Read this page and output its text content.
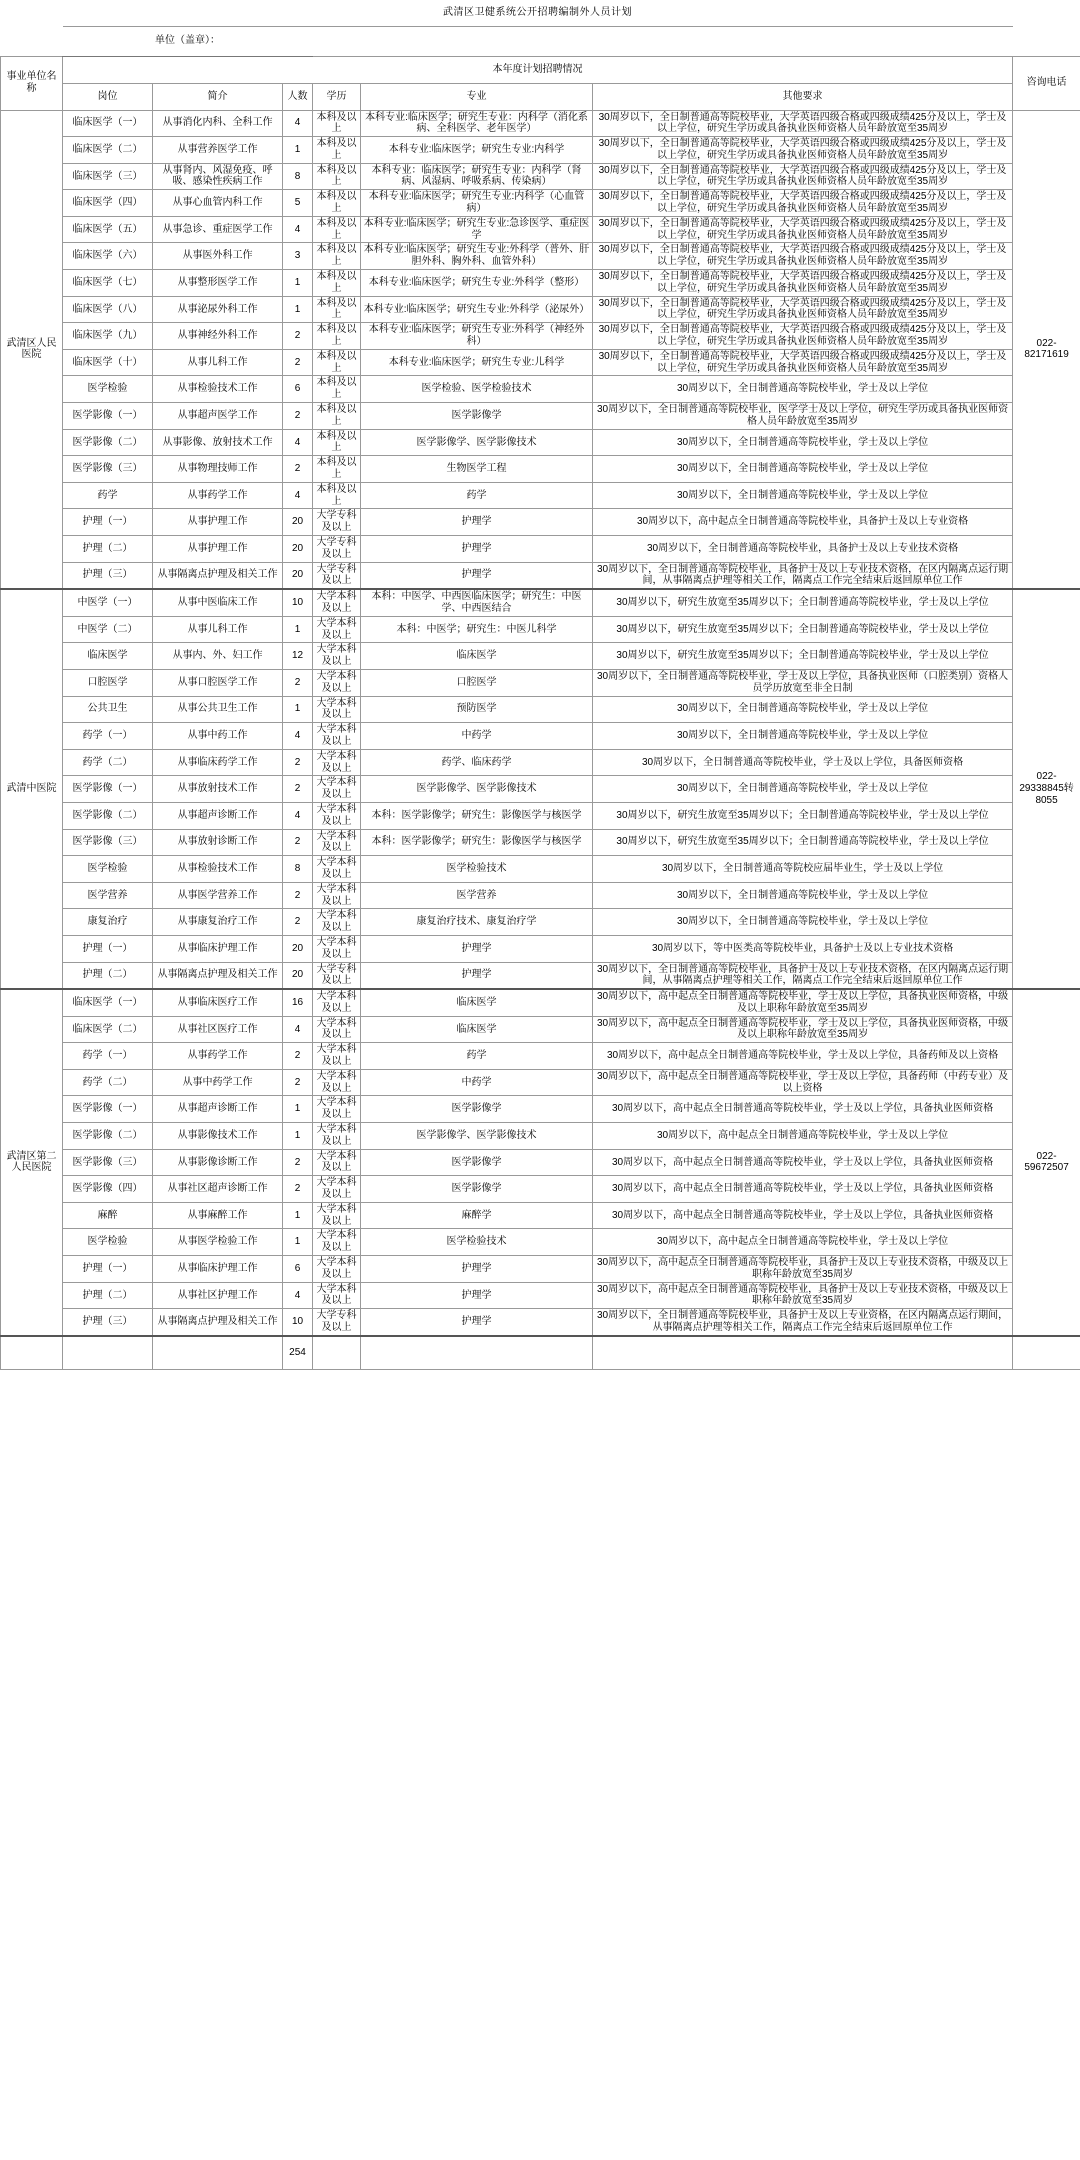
	武清区卫健系统公开招聘编制外人员计划						
	单位（盖章）：						
事业单位名称	本年度计划招聘情况						咨询电话
	岗位	简介	人数	学历	专业	其他要求	
武清区人民医院	临床医学（一）	从事消化内科、全科工作	4	本科及以上	本科专业:临床医学；研究生专业：内科学（消化系病、全科医学、老年医学）	30周岁以下，全日制普通高等院校毕业，大学英语四级合格或四级成绩425分及以上，学士及以上学位，研究生学历或具备执业医师资格人员年龄放宽至35周岁	022-82171619
	临床医学（二）	从事营养医学工作	1	本科及以上	本科专业:临床医学；研究生专业:内科学	30周岁以下，全日制普通高等院校毕业，大学英语四级合格或四级成绩425分及以上，学士及以上学位，研究生学历或具备执业医师资格人员年龄放宽至35周岁	
	临床医学（三）	从事肾内、风湿免疫、呼吸、感染性疾病工作	8	本科及以上	本科专业：临床医学；研究生专业：内科学（肾病、风湿病、呼吸系病、传染病）	30周岁以下，全日制普通高等院校毕业，大学英语四级合格或四级成绩425分及以上，学士及以上学位，研究生学历或具备执业医师资格人员年龄放宽至35周岁	
	临床医学（四）	从事心血管内科工作	5	本科及以上	本科专业:临床医学；研究生专业:内科学（心血管病）	30周岁以下，全日制普通高等院校毕业，大学英语四级合格或四级成绩425分及以上，学士及以上学位，研究生学历或具备执业医师资格人员年龄放宽至35周岁	
	临床医学（五）	从事急诊、重症医学工作	4	本科及以上	本科专业:临床医学；研究生专业:急诊医学、重症医学	30周岁以下，全日制普通高等院校毕业，大学英语四级合格或四级成绩425分及以上，学士及以上学位，研究生学历或具备执业医师资格人员年龄放宽至35周岁	
	临床医学（六）	从事医外科工作	3	本科及以上	本科专业:临床医学；研究生专业:外科学（普外、肝胆外科、胸外科、血管外科）	30周岁以下，全日制普通高等院校毕业，大学英语四级合格或四级成绩425分及以上，学士及以上学位，研究生学历或具备执业医师资格人员年龄放宽至35周岁	
	临床医学（七）	从事整形医学工作	1	本科及以上	本科专业:临床医学；研究生专业:外科学（整形）	30周岁以下，全日制普通高等院校毕业，大学英语四级合格或四级成绩425分及以上，学士及以上学位，研究生学历或具备执业医师资格人员年龄放宽至35周岁	
	临床医学（八）	从事泌尿外科工作	1	本科及以上	本科专业:临床医学；研究生专业:外科学（泌尿外）	30周岁以下，全日制普通高等院校毕业，大学英语四级合格或四级成绩425分及以上，学士及以上学位，研究生学历或具备执业医师资格人员年龄放宽至35周岁	
	临床医学（九）	从事神经外科工作	2	本科及以上	本科专业:临床医学；研究生专业:外科学（神经外科）	30周岁以下，全日制普通高等院校毕业，大学英语四级合格或四级成绩425分及以上，学士及以上学位，研究生学历或具备执业医师资格人员年龄放宽至35周岁	
	临床医学（十）	从事儿科工作	2	本科及以上	本科专业:临床医学；研究生专业:儿科学	30周岁以下，全日制普通高等院校毕业，大学英语四级合格或四级成绩425分及以上，学士及以上学位，研究生学历或具备执业医师资格人员年龄放宽至35周岁	
	医学检验	从事检验技术工作	6	本科及以上	医学检验、医学检验技术	30周岁以下，全日制普通高等院校毕业，学士及以上学位	
	医学影像（一）	从事超声医学工作	2	本科及以上	医学影像学	30周岁以下，全日制普通高等院校毕业，医学学士及以上学位，研究生学历或具备执业医师资格人员年龄放宽至35周岁	
	医学影像（二）	从事影像、放射技术工作	4	本科及以上	医学影像学、医学影像技术	30周岁以下，全日制普通高等院校毕业，学士及以上学位	
	医学影像（三）	从事物理技师工作	2	本科及以上	生物医学工程	30周岁以下，全日制普通高等院校毕业，学士及以上学位	
	药学	从事药学工作	4	本科及以上	药学	30周岁以下，全日制普通高等院校毕业，学士及以上学位	
	护理（一）	从事护理工作	20	大学专科及以上	护理学	30周岁以下，高中起点全日制普通高等院校毕业，具备护士及以上专业资格	
	护理（二）	从事护理工作	20	大学专科及以上	护理学	30周岁以下，全日制普通高等院校毕业，具备护士及以上专业技术资格	
	护理（三）	从事隔离点护理及相关工作	20	大学专科及以上	护理学	30周岁以下，全日制普通高等院校毕业，具备护士及以上专业技术资格，在区内隔离点运行期间，从事隔离点护理等相关工作，隔离点工作完全结束后返回原单位工作	
武清中医院	中医学（一）	从事中医临床工作	10	大学本科及以上	本科：中医学、中西医临床医学；研究生：中医学、中西医结合	30周岁以下，研究生放宽至35周岁以下；全日制普通高等院校毕业，学士及以上学位	022-29338845转8055
	中医学（二）	从事儿科工作	1	大学本科及以上	本科：中医学；研究生：中医儿科学	30周岁以下，研究生放宽至35周岁以下；全日制普通高等院校毕业，学士及以上学位	
	临床医学	从事内、外、妇工作	12	大学本科及以上	临床医学	30周岁以下，研究生放宽至35周岁以下；全日制普通高等院校毕业，学士及以上学位	
	口腔医学	从事口腔医学工作	2	大学本科及以上	口腔医学	30周岁以下，全日制普通高等院校毕业，学士及以上学位，具备执业医师（口腔类别）资格人员学历放宽至非全日制	
	公共卫生	从事公共卫生工作	1	大学本科及以上	预防医学	30周岁以下，全日制普通高等院校毕业，学士及以上学位	
	药学（一）	从事中药工作	4	大学本科及以上	中药学	30周岁以下，全日制普通高等院校毕业，学士及以上学位	
	药学（二）	从事临床药学工作	2	大学本科及以上	药学、临床药学	30周岁以下，全日制普通高等院校毕业，学士及以上学位，具备医师资格	
	医学影像（一）	从事放射技术工作	2	大学本科及以上	医学影像学、医学影像技术	30周岁以下，全日制普通高等院校毕业，学士及以上学位	
	医学影像（二）	从事超声诊断工作	4	大学本科及以上	本科：医学影像学；研究生：影像医学与核医学	30周岁以下，研究生放宽至35周岁以下；全日制普通高等院校毕业，学士及以上学位	
	医学影像（三）	从事放射诊断工作	2	大学本科及以上	本科：医学影像学；研究生：影像医学与核医学	30周岁以下，研究生放宽至35周岁以下；全日制普通高等院校毕业，学士及以上学位	
	医学检验	从事检验技术工作	8	大学本科及以上	医学检验技术	30周岁以下，全日制普通高等院校应届毕业生，学士及以上学位	
	医学营养	从事医学营养工作	2	大学本科及以上	医学营养	30周岁以下，全日制普通高等院校毕业，学士及以上学位	
	康复治疗	从事康复治疗工作	2	大学本科及以上	康复治疗技术、康复治疗学	30周岁以下，全日制普通高等院校毕业，学士及以上学位	
	护理（一）	从事临床护理工作	20	大学本科及以上	护理学	30周岁以下，等中医类高等院校毕业，具备护士及以上专业技术资格	
	护理（二）	从事隔离点护理及相关工作	20	大学专科及以上	护理学	30周岁以下，全日制普通高等院校毕业，具备护士及以上专业技术资格，在区内隔离点运行期间，从事隔离点护理等相关工作，隔离点工作完全结束后返回原单位工作	
武清区第二人民医院	临床医学（一）	从事临床医疗工作	16	大学本科及以上	临床医学	30周岁以下，高中起点全日制普通高等院校毕业，学士及以上学位，具备执业医师资格，中级及以上职称年龄放宽至35周岁	022-59672507
	临床医学（二）	从事社区医疗工作	4	大学本科及以上	临床医学	30周岁以下，高中起点全日制普通高等院校毕业，学士及以上学位，具备执业医师资格，中级及以上职称年龄放宽至35周岁	
	药学（一）	从事药学工作	2	大学本科及以上	药学	30周岁以下，高中起点全日制普通高等院校毕业，学士及以上学位，具备药师及以上资格	
	药学（二）	从事中药学工作	2	大学本科及以上	中药学	30周岁以下，高中起点全日制普通高等院校毕业，学士及以上学位，具备药师（中药专业）及以上资格	
	医学影像（一）	从事超声诊断工作	1	大学本科及以上	医学影像学	30周岁以下，高中起点全日制普通高等院校毕业，学士及以上学位，具备执业医师资格	
	医学影像（二）	从事影像技术工作	1	大学本科及以上	医学影像学、医学影像技术	30周岁以下，高中起点全日制普通高等院校毕业，学士及以上学位	
	医学影像（三）	从事影像诊断工作	2	大学本科及以上	医学影像学	30周岁以下，高中起点全日制普通高等院校毕业，学士及以上学位，具备执业医师资格	
	医学影像（四）	从事社区超声诊断工作	2	大学本科及以上	医学影像学	30周岁以下，高中起点全日制普通高等院校毕业，学士及以上学位，具备执业医师资格	
	麻醉	从事麻醉工作	1	大学本科及以上	麻醉学	30周岁以下，高中起点全日制普通高等院校毕业，学士及以上学位，具备执业医师资格	
	医学检验	从事医学检验工作	1	大学本科及以上	医学检验技术	30周岁以下，高中起点全日制普通高等院校毕业，学士及以上学位	
	护理（一）	从事临床护理工作	6	大学本科及以上	护理学	30周岁以下，高中起点全日制普通高等院校毕业，具备护士及以上专业技术资格，中级及以上职称年龄放宽至35周岁	
	护理（二）	从事社区护理工作	4	大学本科及以上	护理学	30周岁以下，高中起点全日制普通高等院校毕业，具备护士及以上专业技术资格，中级及以上职称年龄放宽至35周岁	
	护理（三）	从事隔离点护理及相关工作	10	大学专科及以上	护理学	30周岁以下，全日制普通高等院校毕业，具备护士及以上专业资格，在区内隔离点运行期间，从事隔离点护理等相关工作，隔离点工作完全结束后返回原单位工作	
			254				
